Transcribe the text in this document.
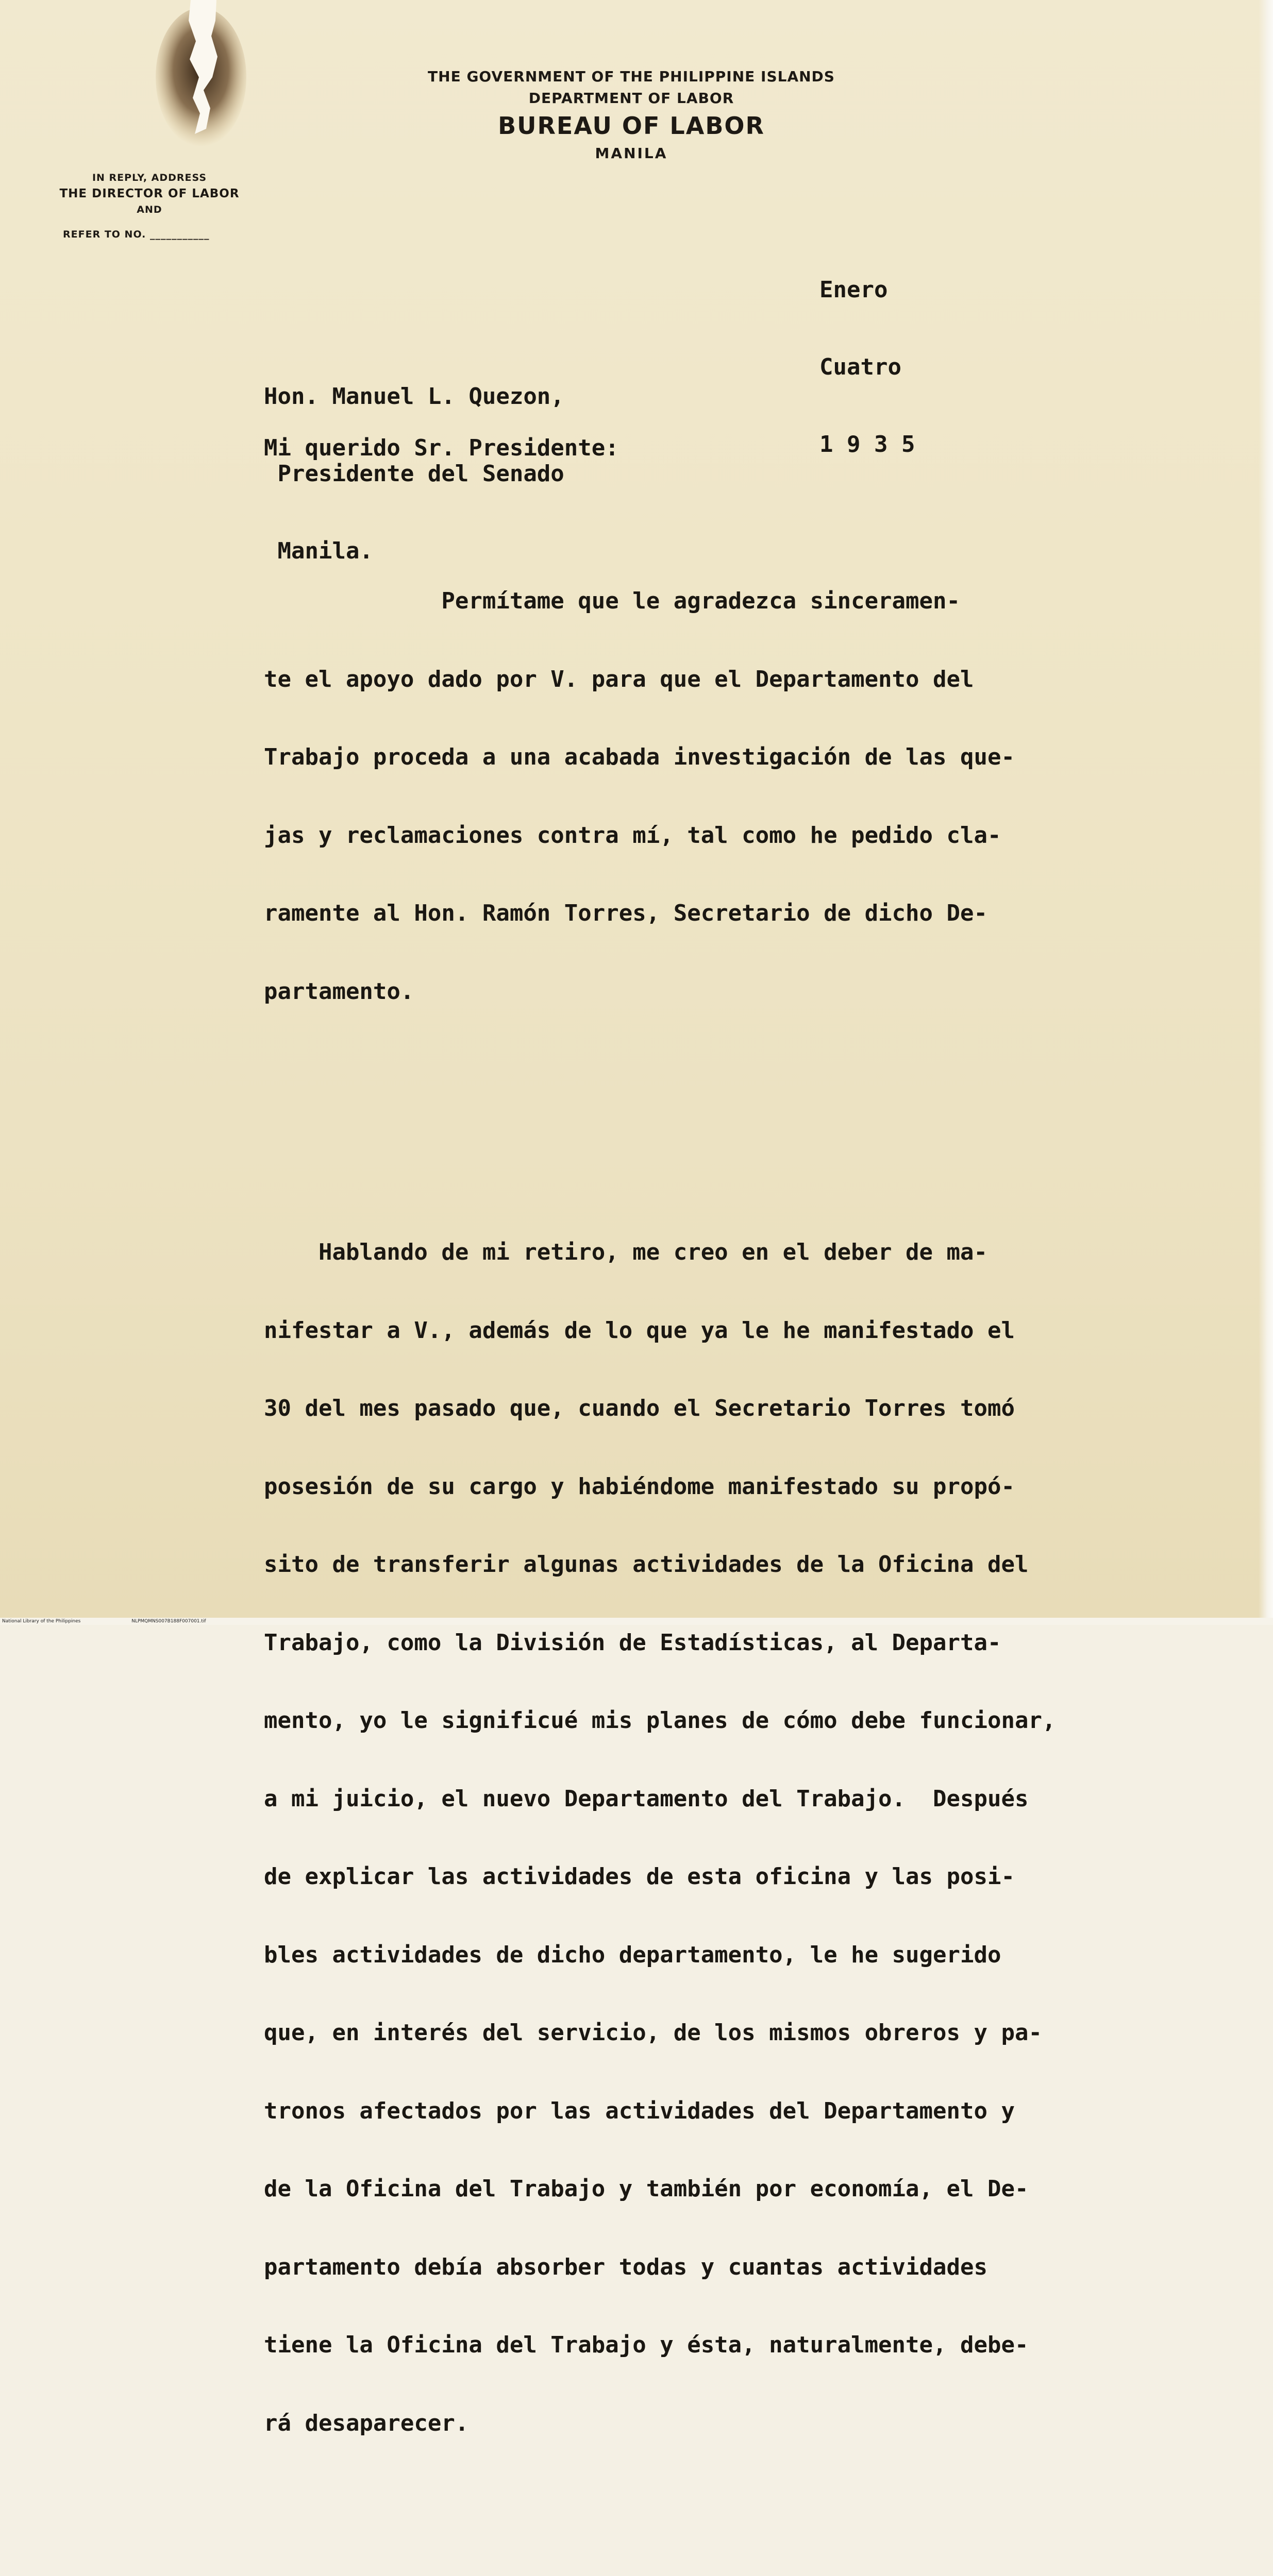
THE GOVERNMENT OF THE PHILIPPINE ISLANDS
DEPARTMENT OF LABOR
BUREAU OF LABOR
MANILA
IN REPLY, ADDRESS
THE DIRECTOR OF LABOR
AND
REFER TO NO. ___________

Enero

Cuatro

1 9 3 5

Hon. Manuel L. Quezon,

Presidente del Senado

Manila.

Mi querido Sr. Presidente:

Permítame que le agradezca sinceramen-

te el apoyo dado por V. para que el Departamento del

Trabajo proceda a una acabada investigación de las que-

jas y reclamaciones contra mí, tal como he pedido cla-

ramente al Hon. Ramón Torres, Secretario de dicho De-

partamento.

Hablando de mi retiro, me creo en el deber de ma-

nifestar a V., además de lo que ya le he manifestado el

30 del mes pasado que, cuando el Secretario Torres tomó

posesión de su cargo y habiéndome manifestado su propó-

sito de transferir algunas actividades de la Oficina del

Trabajo, como la División de Estadísticas, al Departa-

mento, yo le significué mis planes de cómo debe funcionar,

a mi juicio, el nuevo Departamento del Trabajo.  Después

de explicar las actividades de esta oficina y las posi-

bles actividades de dicho departamento, le he sugerido

que, en interés del servicio, de los mismos obreros y pa-

tronos afectados por las actividades del Departamento y

de la Oficina del Trabajo y también por economía, el De-

partamento debía absorber todas y cuantas actividades

tiene la Oficina del Trabajo y ésta, naturalmente, debe-

rá desaparecer.

National Library of the Philippines	NLPMQMNS007B188F007001.tif
